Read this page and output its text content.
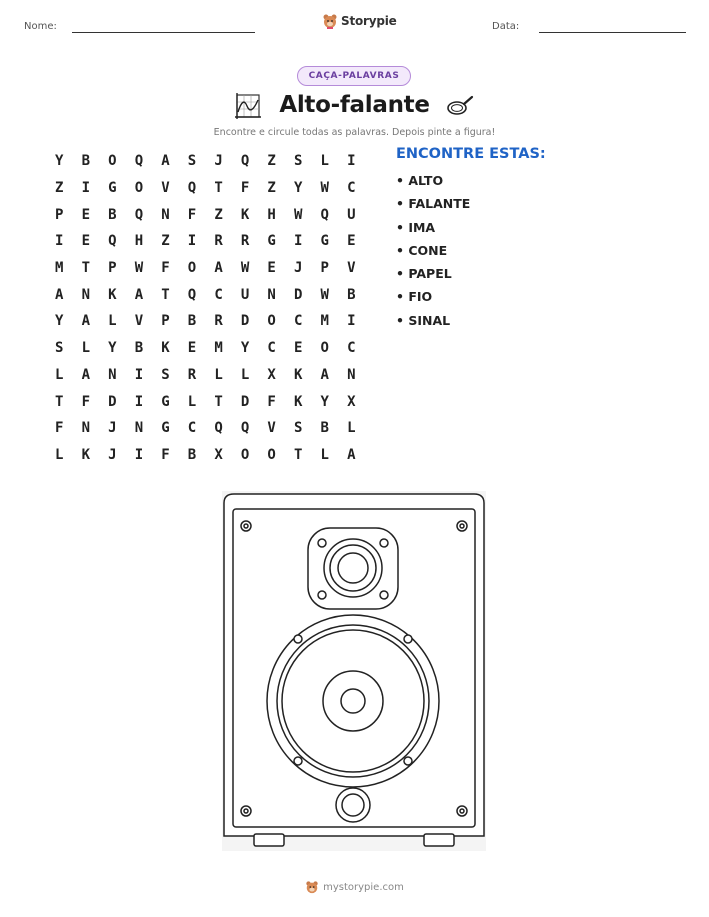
Nome:	Storypie	Data:
CAÇA-PALAVRAS
Alto-falante
Encontre e circule todas as palavras. Depois pinte a figura!
Y	B	O	Q	A	S	J	Q	Z	S	L	I
Z	I	G	O	V	Q	T	F	Z	Y	W	C
P	E	B	Q	N	F	Z	K	H	W	Q	U
I	E	Q	H	Z	I	R	R	G	I	G	E
M	T	P	W	F	O	A	W	E	J	P	V
A	N	K	A	T	Q	C	U	N	D	W	B
Y	A	L	V	P	B	R	D	O	C	M	I
S	L	Y	B	K	E	M	Y	C	E	O	C
L	A	N	I	S	R	L	L	X	K	A	N
T	F	D	I	G	L	T	D	F	K	Y	X
F	N	J	N	G	C	Q	Q	V	S	B	L
L	K	J	I	F	B	X	O	O	T	L	A
ENCONTRE ESTAS:
• ALTO
• FALANTE
• IMA
• CONE
• PAPEL
• FIO
• SINAL
mystorypie.com
